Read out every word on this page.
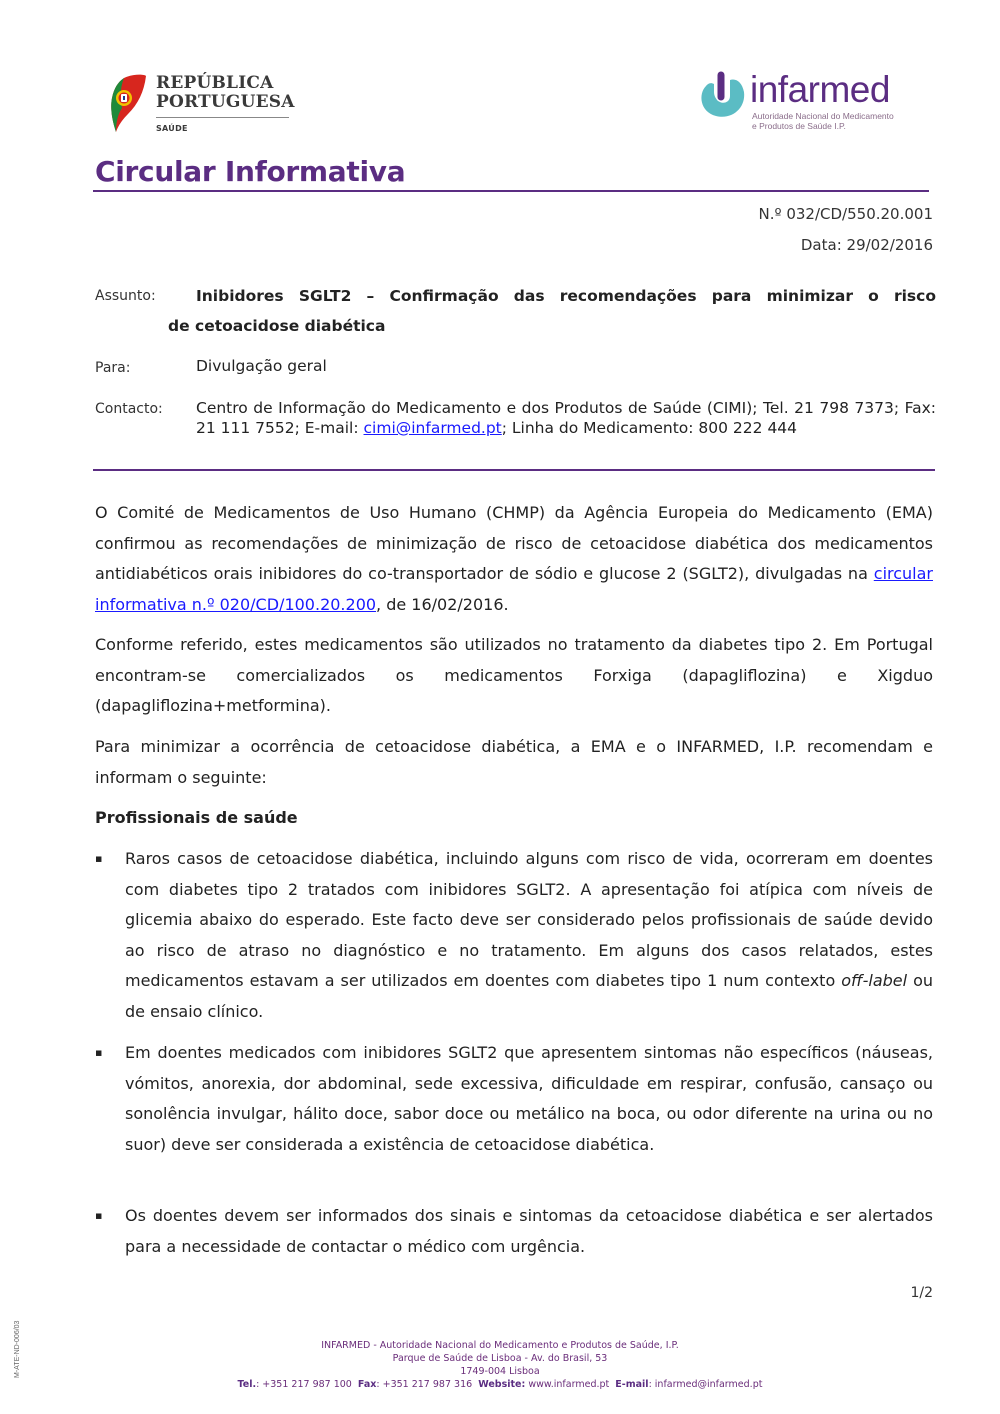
REPÚBLICA
PORTUGUESA
SAÚDE
infarmed
Autoridade Nacional do Medicamento
e Produtos de Saúde I.P.
Circular Informativa
N.º 032/CD/550.20.001
Data: 29/02/2016
Assunto:	Inibidores SGLT2 – Confirmação das recomendações para minimizar o risco
de cetoacidose diabética
Para:	Divulgação geral
Contacto: Centro de Informação do Medicamento e dos Produtos de Saúde (CIMI); Tel. 21 798 7373; Fax: 21 111 7552; E-mail: cimi@infarmed.pt; Linha do Medicamento: 800 222 444

O Comité de Medicamentos de Uso Humano (CHMP) da Agência Europeia do Medicamento (EMA) confirmou as recomendações de minimização de risco de cetoacidose diabética dos medicamentos antidiabéticos orais inibidores do co-transportador de sódio e glucose 2 (SGLT2), divulgadas na circular informativa n.º 020/CD/100.20.200, de 16/02/2016.

Conforme referido, estes medicamentos são utilizados no tratamento da diabetes tipo 2. Em Portugal encontram-se comercializados os medicamentos Forxiga (dapagliflozina) e Xigduo (dapagliflozina+metformina).
Para minimizar a ocorrência de cetoacidose diabética, a EMA e o INFARMED, I.P. recomendam e informam o seguinte:
Profissionais de saúde
▪ Raros casos de cetoacidose diabética, incluindo alguns com risco de vida, ocorreram em doentes com diabetes tipo 2 tratados com inibidores SGLT2. A apresentação foi atípica com níveis de glicemia abaixo do esperado. Este facto deve ser considerado pelos profissionais de saúde devido ao risco de atraso no diagnóstico e no tratamento. Em alguns dos casos relatados, estes medicamentos estavam a ser utilizados em doentes com diabetes tipo 1 num contexto off-label ou de ensaio clínico.
▪ Em doentes medicados com inibidores SGLT2 que apresentem sintomas não específicos (náuseas, vómitos, anorexia, dor abdominal, sede excessiva, dificuldade em respirar, confusão, cansaço ou sonolência invulgar, hálito doce, sabor doce ou metálico na boca, ou odor diferente na urina ou no suor) deve ser considerada a existência de cetoacidose diabética.
▪ Os doentes devem ser informados dos sinais e sintomas da cetoacidose diabética e ser alertados para a necessidade de contactar o médico com urgência.
1/2
INFARMED - Autoridade Nacional do Medicamento e Produtos de Saúde, I.P.
Parque de Saúde de Lisboa - Av. do Brasil, 53
1749-004 Lisboa
Tel.: +351 217 987 100 Fax: +351 217 987 316 Website: www.infarmed.pt E-mail: infarmed@infarmed.pt
M-ATE-ND-006/03
